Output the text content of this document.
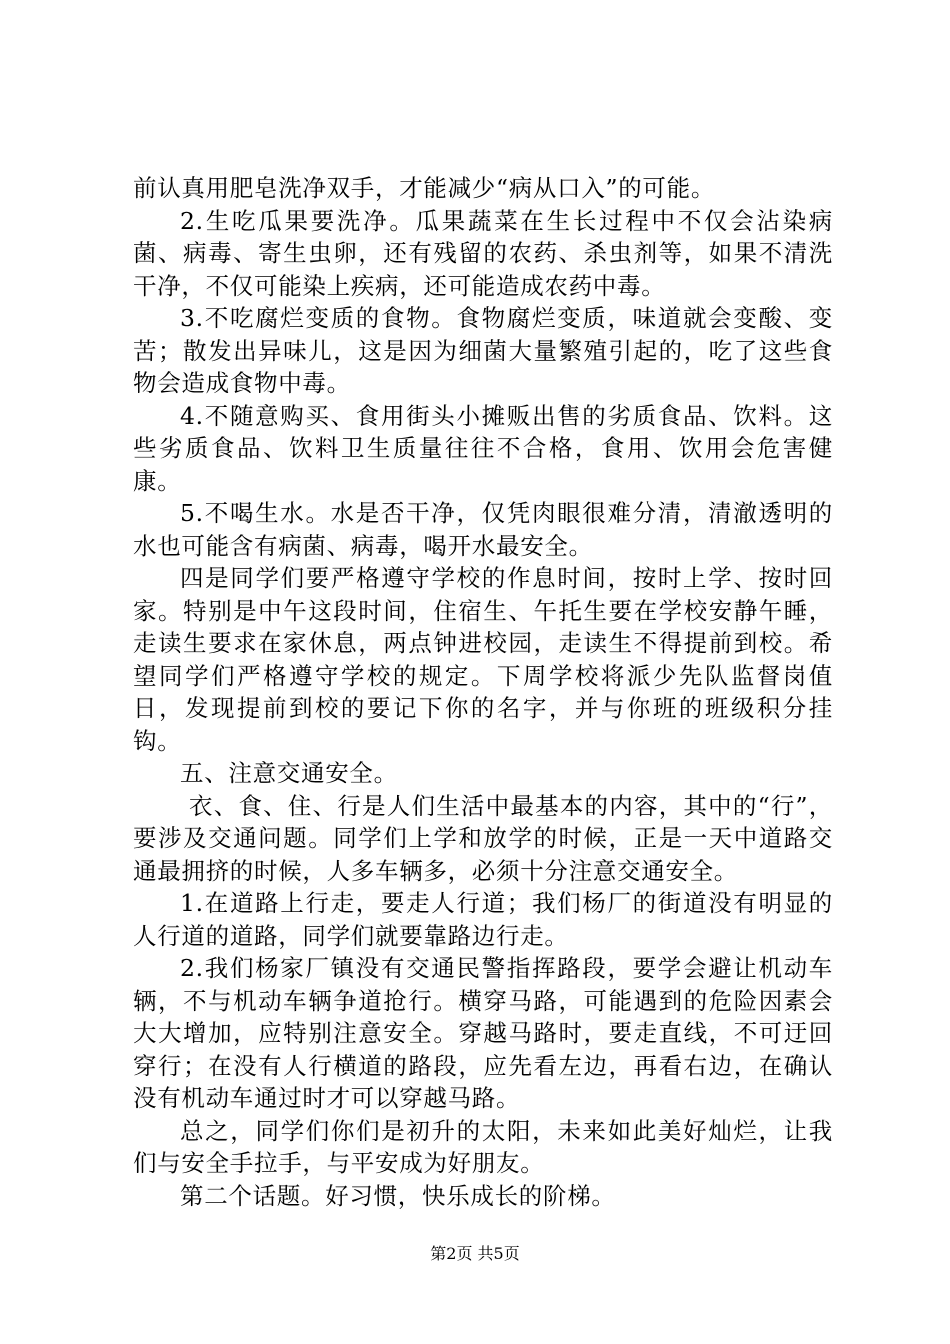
前认真用肥皂洗净双手，才能减少“病从口入”的可能。

2.生吃瓜果要洗净。瓜果蔬菜在生长过程中不仅会沾染病菌、病毒、寄生虫卵，还有残留的农药、杀虫剂等，如果不清洗干净，不仅可能染上疾病，还可能造成农药中毒。

3.不吃腐烂变质的食物。食物腐烂变质，味道就会变酸、变苦；散发出异味儿，这是因为细菌大量繁殖引起的，吃了这些食物会造成食物中毒。

4.不随意购买、食用街头小摊贩出售的劣质食品、饮料。这些劣质食品、饮料卫生质量往往不合格，食用、饮用会危害健康。

5.不喝生水。水是否干净，仅凭肉眼很难分清，清澈透明的水也可能含有病菌、病毒，喝开水最安全。

四是同学们要严格遵守学校的作息时间，按时上学、按时回家。特别是中午这段时间，住宿生、午托生要在学校安静午睡，走读生要求在家休息，两点钟进校园，走读生不得提前到校。希望同学们严格遵守学校的规定。下周学校将派少先队监督岗值日，发现提前到校的要记下你的名字，并与你班的班级积分挂钩。

五、注意交通安全。

衣、食、住、行是人们生活中最基本的内容，其中的“行”，要涉及交通问题。同学们上学和放学的时候，正是一天中道路交通最拥挤的时候，人多车辆多，必须十分注意交通安全。

1.在道路上行走，要走人行道；我们杨厂的街道没有明显的人行道的道路，同学们就要靠路边行走。

2.我们杨家厂镇没有交通民警指挥路段，要学会避让机动车辆，不与机动车辆争道抢行。横穿马路，可能遇到的危险因素会大大增加，应特别注意安全。穿越马路时，要走直线，不可迂回穿行；在没有人行横道的路段，应先看左边，再看右边，在确认没有机动车通过时才可以穿越马路。

总之，同学们你们是初升的太阳，未来如此美好灿烂，让我们与安全手拉手，与平安成为好朋友。

第二个话题。好习惯，快乐成长的阶梯。

第2页 共5页
